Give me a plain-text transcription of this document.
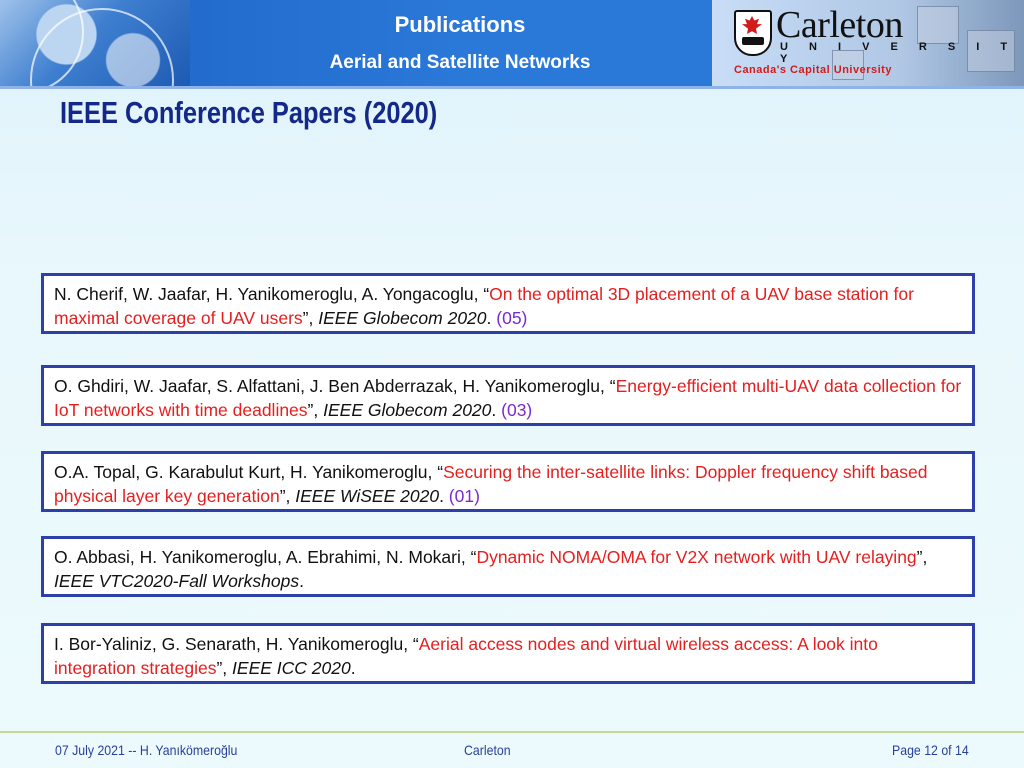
Publications
Aerial and Satellite Networks
Carleton
U N I V E R S I T Y
Canada's Capital University
IEEE Conference Papers (2020)
N. Cherif, W. Jaafar, H. Yanikomeroglu, A. Yongacoglu, “On the optimal 3D placement of a UAV base station for maximal coverage of UAV users”, IEEE Globecom 2020. (05)
O. Ghdiri, W. Jaafar, S. Alfattani, J. Ben Abderrazak, H. Yanikomeroglu, “Energy-efficient multi-UAV data collection for IoT networks with time deadlines”, IEEE Globecom 2020. (03)
O.A. Topal, G. Karabulut Kurt, H. Yanikomeroglu, “Securing the inter-satellite links: Doppler frequency shift based physical layer key generation”, IEEE WiSEE 2020. (01)
O. Abbasi, H. Yanikomeroglu, A. Ebrahimi, N. Mokari, “Dynamic NOMA/OMA for V2X network with UAV relaying”, IEEE VTC2020-Fall Workshops.
I. Bor-Yaliniz, G. Senarath, H. Yanikomeroglu, “Aerial access nodes and virtual wireless access: A look into integration strategies”, IEEE ICC 2020.
07 July 2021 -- H. Yanıkömeroğlu	Carleton	Page 12 of 14
